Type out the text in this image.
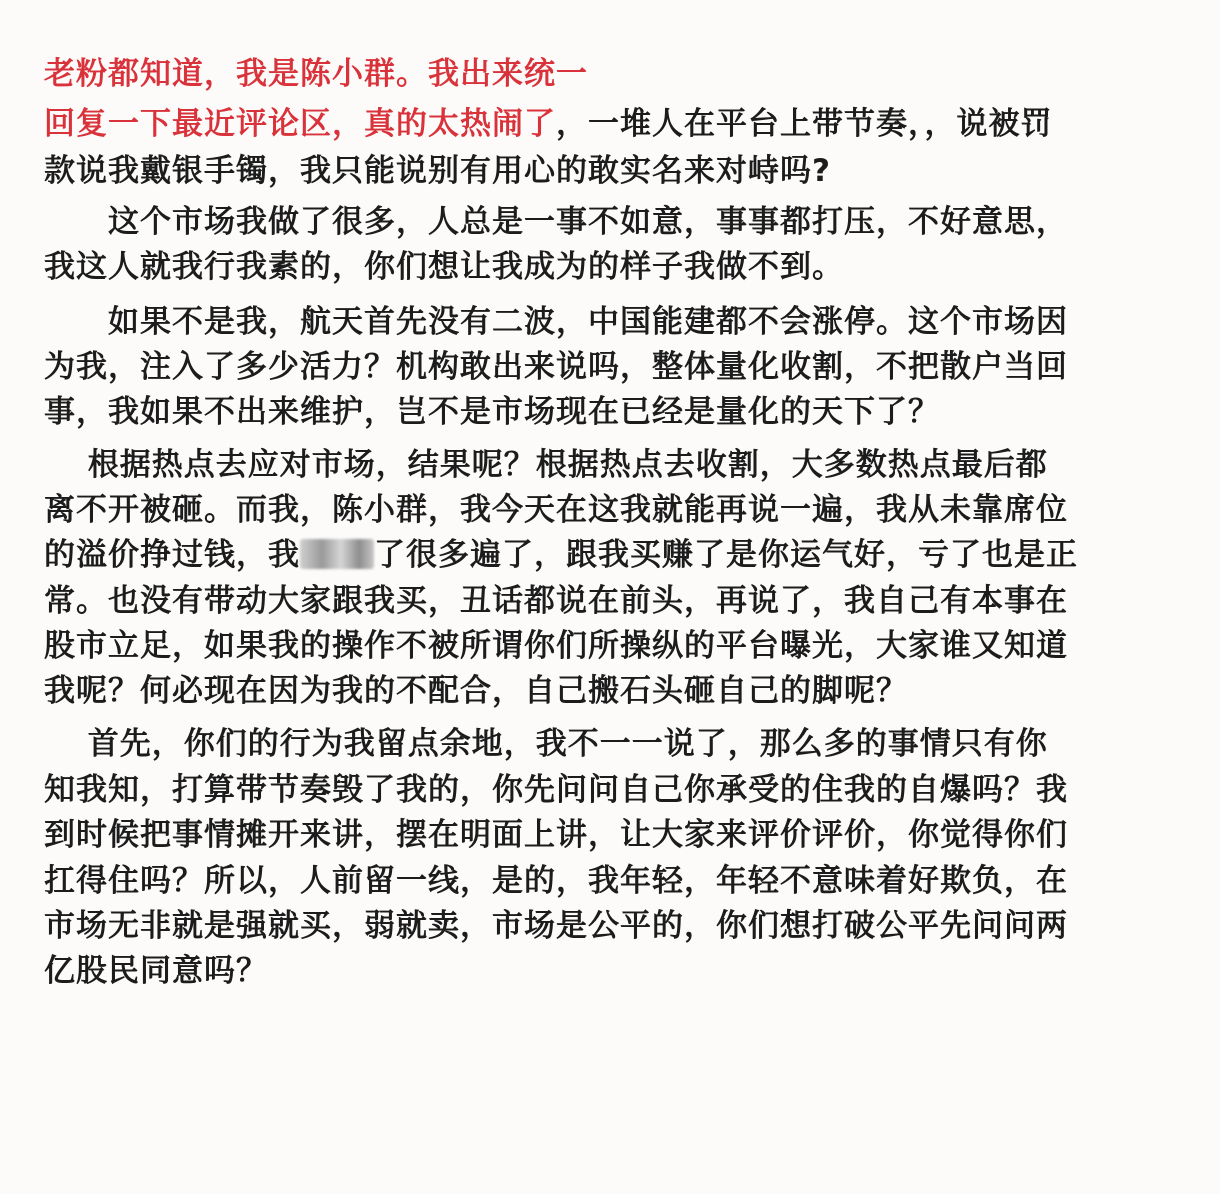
老粉都知道，我是陈小群。我出来统一
回复一下最近评论区，真的太热闹了，一堆人在平台上带节奏，，说被罚
款说我戴银手镯，我只能说别有用心的敢实名来对峙吗?
　　这个市场我做了很多，人总是一事不如意，事事都打压，不好意思，
我这人就我行我素的，你们想让我成为的样子我做不到。
　　如果不是我，航天首先没有二波，中国能建都不会涨停。这个市场因
为我，注入了多少活力？机构敢出来说吗，整体量化收割，不把散户当回
事，我如果不出来维护，岂不是市场现在已经是量化的天下了？
　 根据热点去应对市场，结果呢？根据热点去收割，大多数热点最后都
离不开被砸。而我，陈小群，我今天在这我就能再说一遍，我从未靠席位
的溢价挣过钱，我 了很多遍了，跟我买赚了是你运气好，亏了也是正
常。也没有带动大家跟我买，丑话都说在前头，再说了，我自己有本事在
股市立足，如果我的操作不被所谓你们所操纵的平台曝光，大家谁又知道
我呢？何必现在因为我的不配合，自己搬石头砸自己的脚呢？
　 首先，你们的行为我留点余地，我不一一说了，那么多的事情只有你
知我知，打算带节奏毁了我的，你先问问自己你承受的住我的自爆吗？我
到时候把事情摊开来讲，摆在明面上讲，让大家来评价评价，你觉得你们
扛得住吗？所以，人前留一线，是的，我年轻，年轻不意味着好欺负，在
市场无非就是强就买，弱就卖，市场是公平的，你们想打破公平先问问两
亿股民同意吗？
